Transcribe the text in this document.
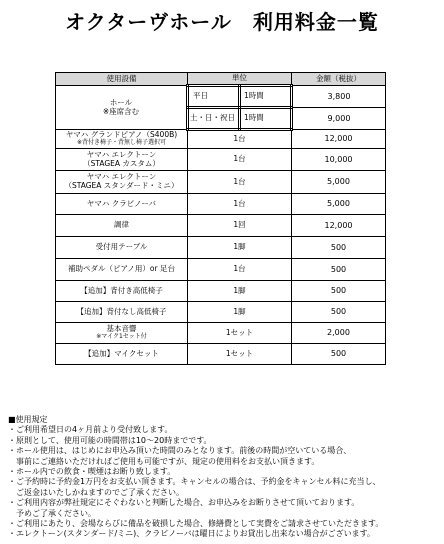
オクターヴホール　利用料金一覧
使用設備	単位		金額（税抜）

ホール
※座席含む	平日	1時間	3,800
	土・日・祝日	1時間	9,000

ヤマハ グランドピアノ（S400B)
※背付き椅子・背無し椅子選択可	1台		12,000

ヤマハ エレクトーン
（STAGEA カスタム）	1台		10,000

ヤマハ エレクトーン
（STAGEA スタンダード・ミニ）	1台		5,000
ヤマハ クラビノーバ	1台		5,000
調律	1回		12,000
受付用テーブル	1脚		500
補助ペダル（ピアノ用）or 足台	1台		500
【追加】背付き高低椅子	1脚		500
【追加】背付なし高低椅子	1脚		500

基本音響
※マイク1セット付	1セット		2,000
【追加】マイクセット	1セット		500
■使用規定
・ご利用希望日の4ヶ月前より受付致します。
・原則として、使用可能の時間帯は10～20時までです。
・ホール使用は、はじめにお申込み頂いた時間のみとなります。前後の時間が空いている場合、
　事前にご連絡いただければご使用も可能ですが、規定の使用料をお支払い頂きます。
・ホール内での飲食・喫煙はお断り致します。
・ご予約時に予約金1万円をお支払い頂きます。キャンセルの場合は、予約金をキャンセル料に充当し、
　ご返金はいたしかねますのでご了承ください。
・ご利用内容が弊社規定にそぐわないと判断した場合、お申込みをお断りさせて頂いております。
　予めご了承ください。
・ご利用にあたり、会場ならびに備品を破損した場合、修繕費として実費をご請求させていただきます。
・エレクトーン(スタンダード/ミニ)、クラビノーバは曜日によりお貸出し出来ない場合がございます。
